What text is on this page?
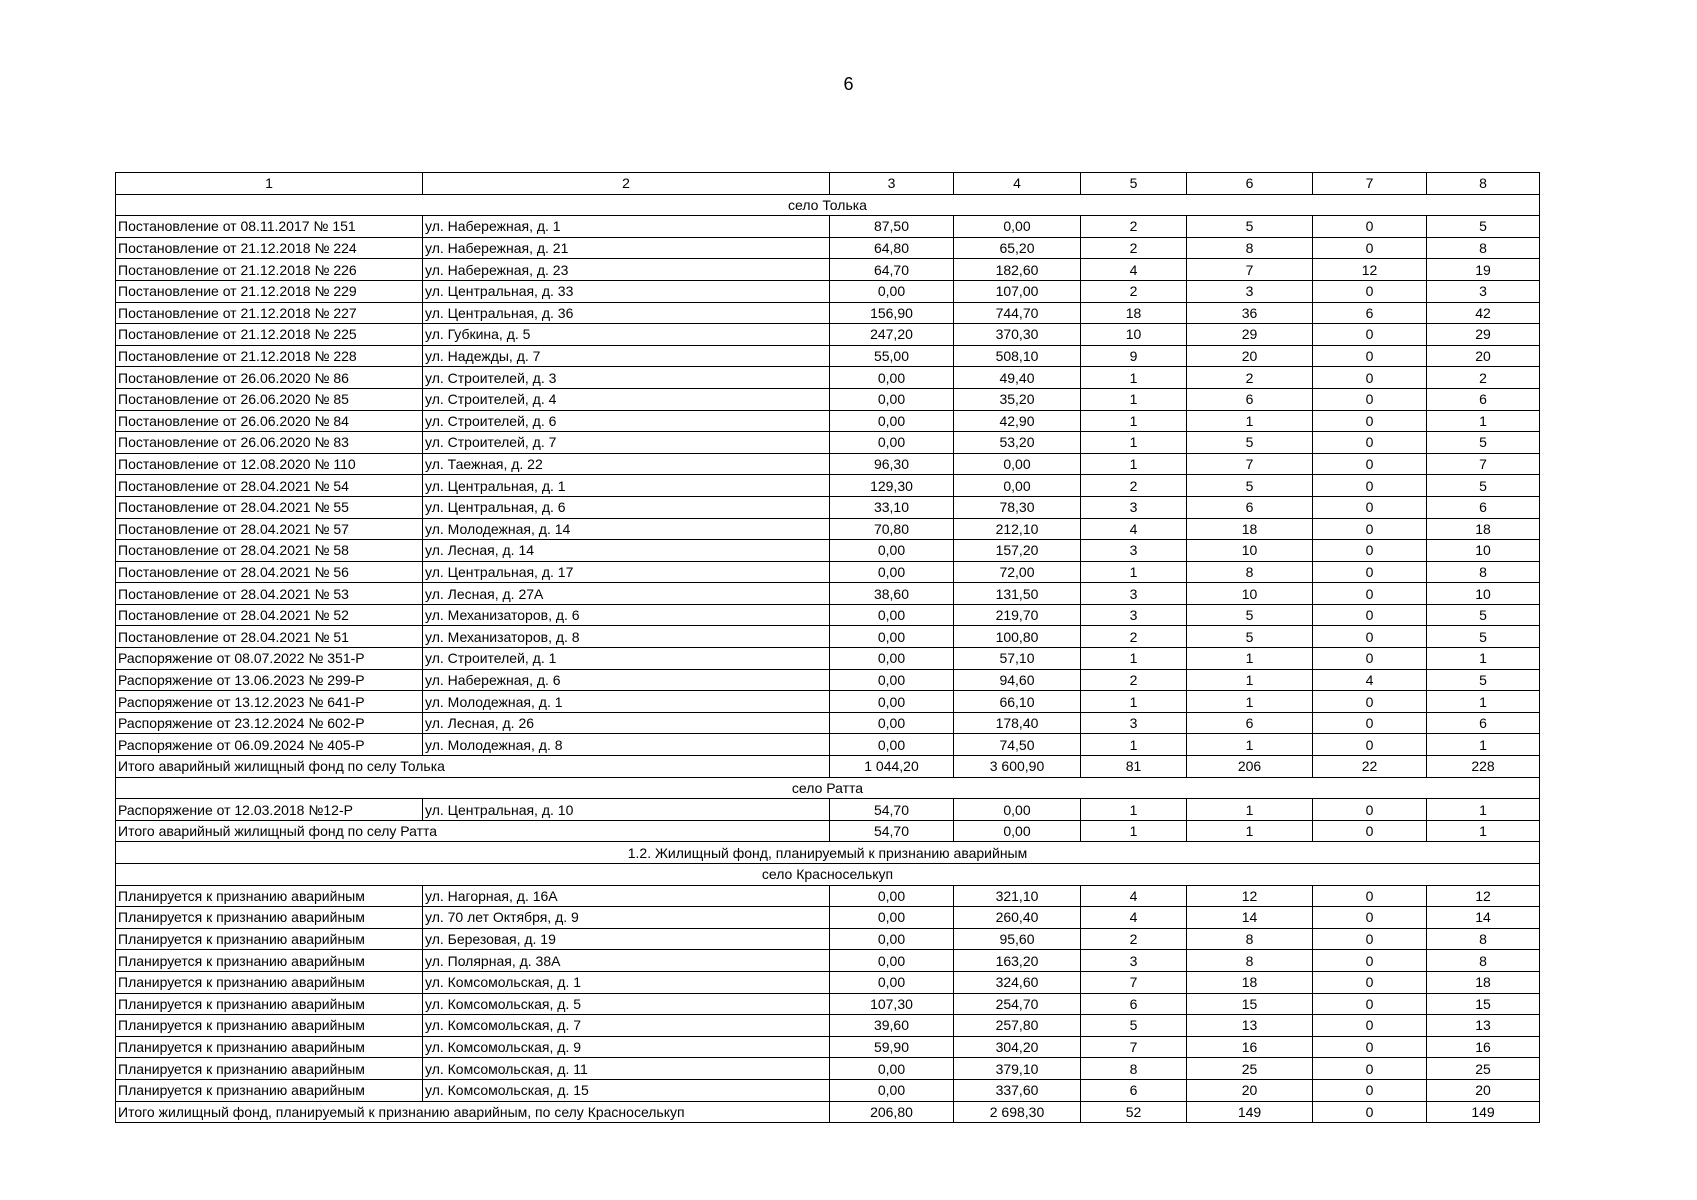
6
1	2	3	4	5	6	7	8
село Толька							
Постановление от 08.11.2017 № 151	ул. Набережная, д. 1	87,50	0,00	2	5	0	5
Постановление от 21.12.2018 № 224	ул. Набережная, д. 21	64,80	65,20	2	8	0	8
Постановление от 21.12.2018 № 226	ул. Набережная, д. 23	64,70	182,60	4	7	12	19
Постановление от 21.12.2018 № 229	ул. Центральная, д. 33	0,00	107,00	2	3	0	3
Постановление от 21.12.2018 № 227	ул. Центральная, д. 36	156,90	744,70	18	36	6	42
Постановление от 21.12.2018 № 225	ул. Губкина, д. 5	247,20	370,30	10	29	0	29
Постановление от 21.12.2018 № 228	ул. Надежды, д. 7	55,00	508,10	9	20	0	20
Постановление от 26.06.2020 № 86	ул. Строителей, д. 3	0,00	49,40	1	2	0	2
Постановление от 26.06.2020 № 85	ул. Строителей, д. 4	0,00	35,20	1	6	0	6
Постановление от 26.06.2020 № 84	ул. Строителей, д. 6	0,00	42,90	1	1	0	1
Постановление от 26.06.2020 № 83	ул. Строителей, д. 7	0,00	53,20	1	5	0	5
Постановление от 12.08.2020 № 110	ул. Таежная, д. 22	96,30	0,00	1	7	0	7
Постановление от 28.04.2021 № 54	ул. Центральная, д. 1	129,30	0,00	2	5	0	5
Постановление от 28.04.2021 № 55	ул. Центральная, д. 6	33,10	78,30	3	6	0	6
Постановление от 28.04.2021 № 57	ул. Молодежная, д. 14	70,80	212,10	4	18	0	18
Постановление от 28.04.2021 № 58	ул. Лесная, д. 14	0,00	157,20	3	10	0	10
Постановление от 28.04.2021 № 56	ул. Центральная, д. 17	0,00	72,00	1	8	0	8
Постановление от 28.04.2021 № 53	ул. Лесная, д. 27А	38,60	131,50	3	10	0	10
Постановление от 28.04.2021 № 52	ул. Механизаторов, д. 6	0,00	219,70	3	5	0	5
Постановление от 28.04.2021 № 51	ул. Механизаторов, д. 8	0,00	100,80	2	5	0	5
Распоряжение от 08.07.2022 № 351-Р	ул. Строителей, д. 1	0,00	57,10	1	1	0	1
Распоряжение от 13.06.2023 № 299-Р	ул. Набережная, д. 6	0,00	94,60	2	1	4	5
Распоряжение от 13.12.2023 № 641-Р	ул. Молодежная, д. 1	0,00	66,10	1	1	0	1
Распоряжение от 23.12.2024 № 602-Р	ул. Лесная, д. 26	0,00	178,40	3	6	0	6
Распоряжение от 06.09.2024 № 405-Р	ул. Молодежная, д. 8	0,00	74,50	1	1	0	1
Итого аварийный жилищный фонд по селу Толька		1 044,20	3 600,90	81	206	22	228
село Ратта							
Распоряжение от 12.03.2018 №12-Р	ул. Центральная, д. 10	54,70	0,00	1	1	0	1
Итого аварийный жилищный фонд по селу Ратта		54,70	0,00	1	1	0	1
1.2. Жилищный фонд, планируемый к признанию аварийным							
село Красноселькуп							
Планируется к признанию аварийным	ул. Нагорная, д. 16А	0,00	321,10	4	12	0	12
Планируется к признанию аварийным	ул. 70 лет Октября, д. 9	0,00	260,40	4	14	0	14
Планируется к признанию аварийным	ул. Березовая, д. 19	0,00	95,60	2	8	0	8
Планируется к признанию аварийным	ул. Полярная, д. 38А	0,00	163,20	3	8	0	8
Планируется к признанию аварийным	ул. Комсомольская, д. 1	0,00	324,60	7	18	0	18
Планируется к признанию аварийным	ул. Комсомольская, д. 5	107,30	254,70	6	15	0	15
Планируется к признанию аварийным	ул. Комсомольская, д. 7	39,60	257,80	5	13	0	13
Планируется к признанию аварийным	ул. Комсомольская, д. 9	59,90	304,20	7	16	0	16
Планируется к признанию аварийным	ул. Комсомольская, д. 11	0,00	379,10	8	25	0	25
Планируется к признанию аварийным	ул. Комсомольская, д. 15	0,00	337,60	6	20	0	20
Итого жилищный фонд, планируемый к признанию аварийным, по селу Красноселькуп		206,80	2 698,30	52	149	0	149
